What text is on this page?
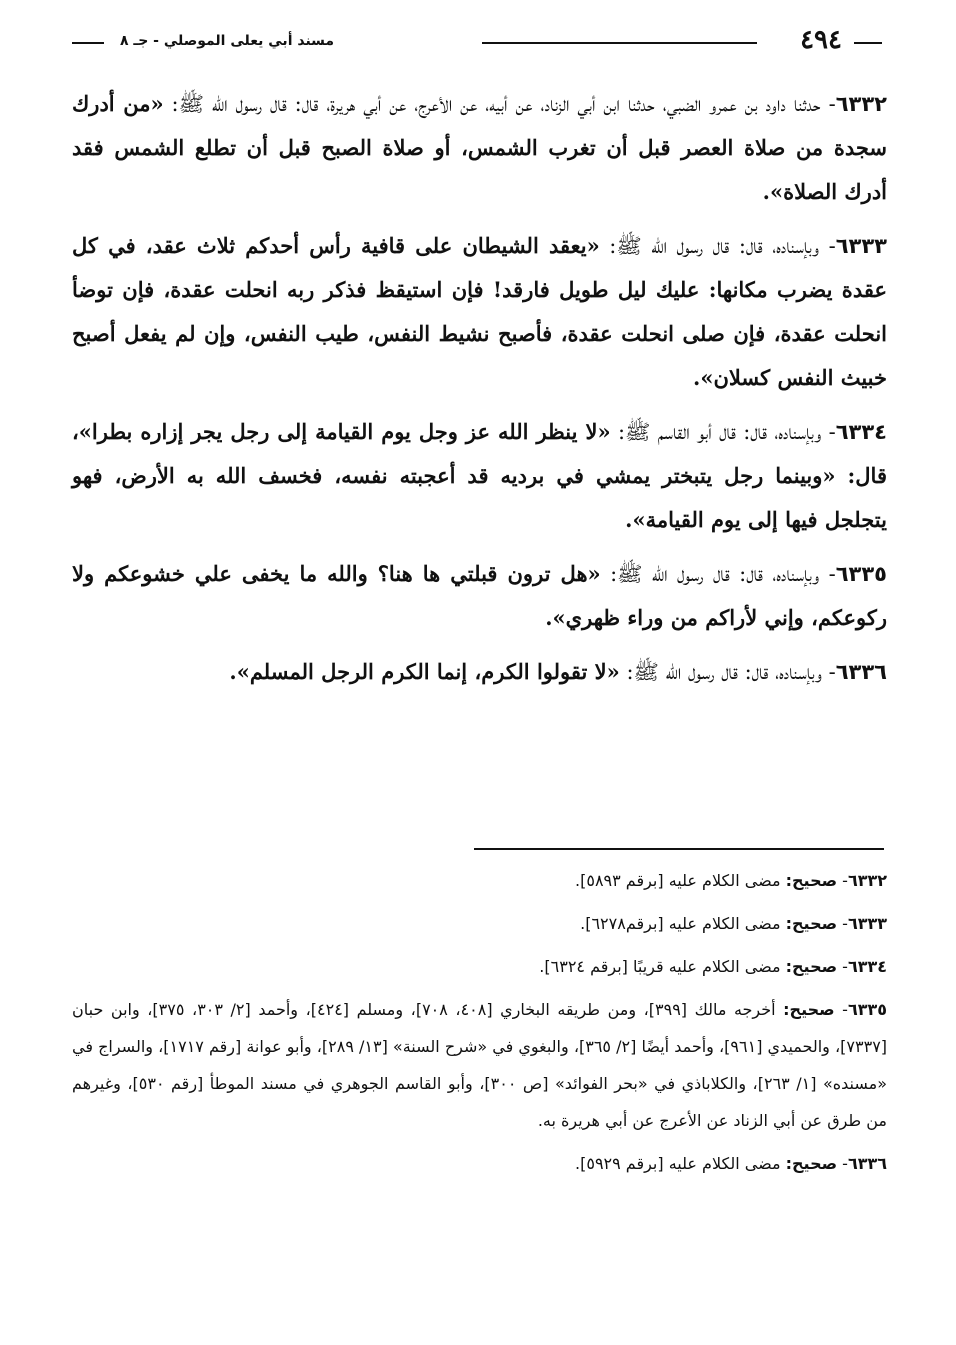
٤٩٤
مسند أبي يعلى الموصلي - جـ ٨

٦٣٣٢- حدثنا داود بن عمرو الضبي، حدثنا ابن أبي الزناد، عن أبيه، عن الأعرج، عن أبي هريرة، قال: قال رسول الله ﷺ: «من أدرك سجدة من صلاة العصر قبل أن تغرب الشمس، أو صلاة الصبح قبل أن تطلع الشمس فقد أدرك الصلاة».

٦٣٣٣- وبإسناده، قال: قال رسول الله ﷺ: «يعقد الشيطان على قافية رأس أحدكم ثلاث عقد، في كل عقدة يضرب مكانها: عليك ليل طويل فارقد! فإن استيقظ فذكر ربه انحلت عقدة، فإن توضأ انحلت عقدة، فإن صلى انحلت عقدة، فأصبح نشيط النفس، طيب النفس، وإن لم يفعل أصبح خبيث النفس كسلان».

٦٣٣٤- وبإسناده، قال: قال أبو القاسم ﷺ: «لا ينظر الله عز وجل يوم القيامة إلى رجل يجر إزاره بطرا»، قال: «وبينما رجل يتبختر يمشي في برديه قد أعجبته نفسه، فخسف الله به الأرض، فهو يتجلجل فيها إلى يوم القيامة».

٦٣٣٥- وبإسناده، قال: قال رسول الله ﷺ: «هل ترون قبلتي ها هنا؟ والله ما يخفى علي خشوعكم ولا ركوعكم، وإني لأراكم من وراء ظهري».

٦٣٣٦- وبإسناده، قال: قال رسول الله ﷺ: «لا تقولوا الكرم، إنما الكرم الرجل المسلم».

٦٣٣٢- صحيح: مضى الكلام عليه [برقم ٥٨٩٣].

٦٣٣٣- صحيح: مضى الكلام عليه [برقم٦٢٧٨].

٦٣٣٤- صحيح: مضى الكلام عليه قريبًا [برقم ٦٣٢٤].

٦٣٣٥- صحيح: أخرجه مالك [٣٩٩]، ومن طريقه البخاري [٤٠٨، ٧٠٨]، ومسلم [٤٢٤]، وأحمد [٢/ ٣٠٣، ٣٧٥]، وابن حبان [٧٣٣٧]، والحميدي [٩٦١]، وأحمد أيضًا [٢/ ٣٦٥]، والبغوي في «شرح السنة» [١٣/ ٢٨٩]، وأبو عوانة [رقم ١٧١٧]، والسراج في «مسنده» [١/ ٢٦٣]، والكلاباذي في «بحر الفوائد» [ص ٣٠٠]، وأبو القاسم الجوهري في مسند الموطأ [رقم ٥٣٠]، وغيرهم من طرق عن أبي الزناد عن الأعرج عن أبي هريرة به.

٦٣٣٦- صحيح: مضى الكلام عليه [برقم ٥٩٢٩].
